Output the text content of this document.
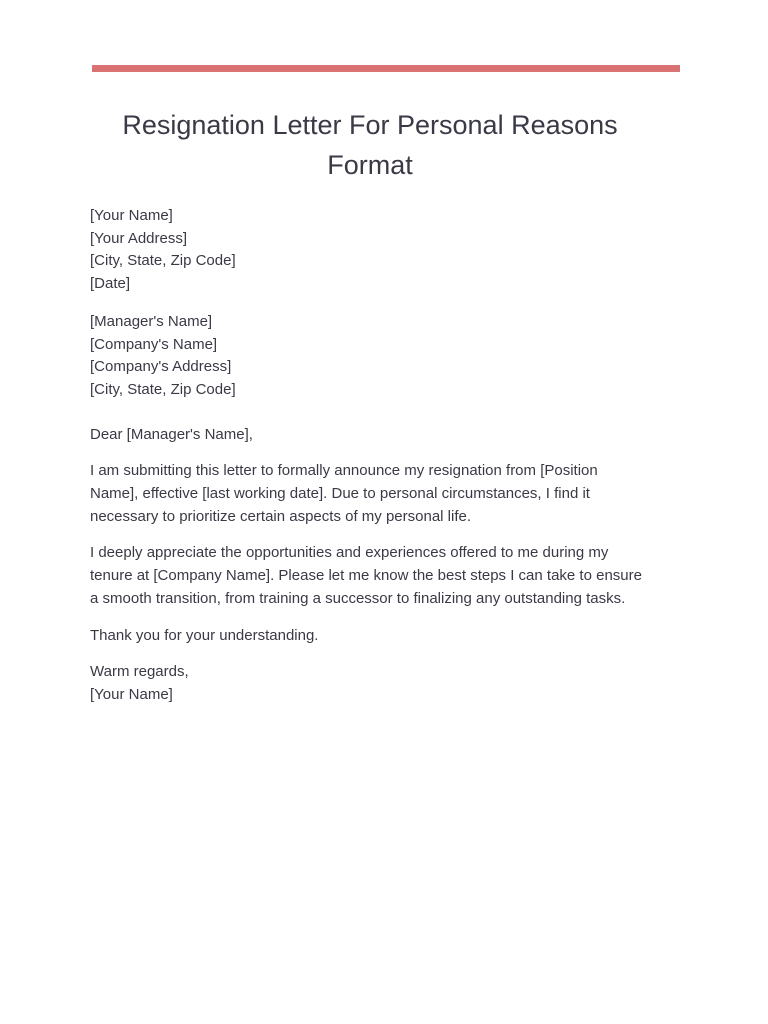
Resignation Letter For Personal Reasons
Format
[Your Name]
[Your Address]
[City, State, Zip Code]
[Date]
[Manager's Name]
[Company's Name]
[Company's Address]
[City, State, Zip Code]

Dear [Manager's Name],

I am submitting this letter to formally announce my resignation from [Position
Name], effective [last working date]. Due to personal circumstances, I find it
necessary to prioritize certain aspects of my personal life.

I deeply appreciate the opportunities and experiences offered to me during my
tenure at [Company Name]. Please let me know the best steps I can take to ensure
a smooth transition, from training a successor to finalizing any outstanding tasks.

Thank you for your understanding.

Warm regards,
[Your Name]
